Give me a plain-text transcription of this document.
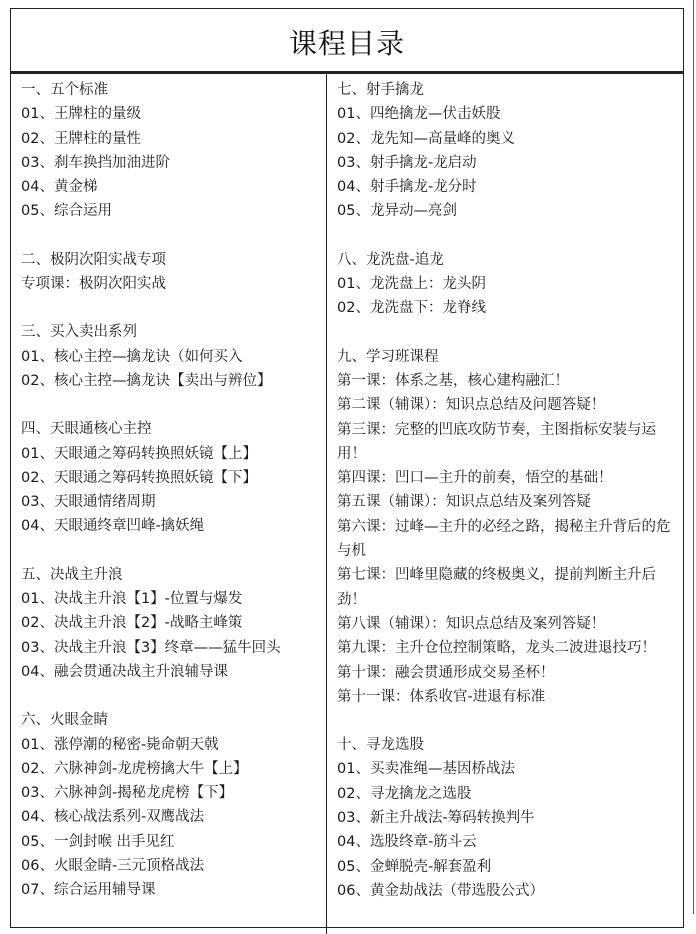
课程目录
一、五个标准
01、王牌柱的量级
02、王牌柱的量性
03、刹车换挡加油进阶
04、黄金梯
05、综合运用
二、极阴次阳实战专项
专项课：极阴次阳实战
三、买入卖出系列
01、核心主控—擒龙诀（如何买入
02、核心主控—擒龙诀【卖出与辨位】
四、天眼通核心主控
01、天眼通之筹码转换照妖镜【上】
02、天眼通之筹码转换照妖镜【下】
03、天眼通情绪周期
04、天眼通终章凹峰-擒妖绳
五、决战主升浪
01、决战主升浪【1】-位置与爆发
02、决战主升浪【2】-战略主峰策
03、决战主升浪【3】终章——猛牛回头
04、融会贯通决战主升浪辅导课
六、火眼金睛
01、涨停潮的秘密-毙命朝天戟
02、六脉神剑-龙虎榜擒大牛【上】
03、六脉神剑-揭秘龙虎榜【下】
04、核心战法系列-双鹰战法
05、一剑封喉 出手见红
06、火眼金睛-三元顶格战法
07、综合运用辅导课
七、射手擒龙
01、四绝擒龙—伏击妖股
02、龙先知—高量峰的奥义
03、射手擒龙-龙启动
04、射手擒龙-龙分时
05、龙异动—亮剑
八、龙洗盘-追龙
01、龙洗盘上：龙头阴
02、龙洗盘下：龙脊线
九、学习班课程
第一课：体系之基，核心建构融汇！
第二课（辅课）：知识点总结及问题答疑！
第三课：完整的凹底攻防节奏，主图指标安装与运用！
第四课：凹口—主升的前奏，悟空的基础！
第五课（辅课）：知识点总结及案列答疑
第六课：过峰—主升的必经之路，揭秘主升背后的危与机
第七课：凹峰里隐藏的终极奥义，提前判断主升后劲！
第八课（辅课）：知识点总结及案列答疑！
第九课：主升仓位控制策略，龙头二波进退技巧！
第十课：融会贯通形成交易圣杯！
第十一课：体系收官-进退有标准
十、寻龙选股
01、买卖准绳—基因桥战法
02、寻龙擒龙之选股
03、新主升战法-筹码转换判牛
04、选股终章-筋斗云
05、金蝉脱壳-解套盈利
06、黄金劫战法（带选股公式）
